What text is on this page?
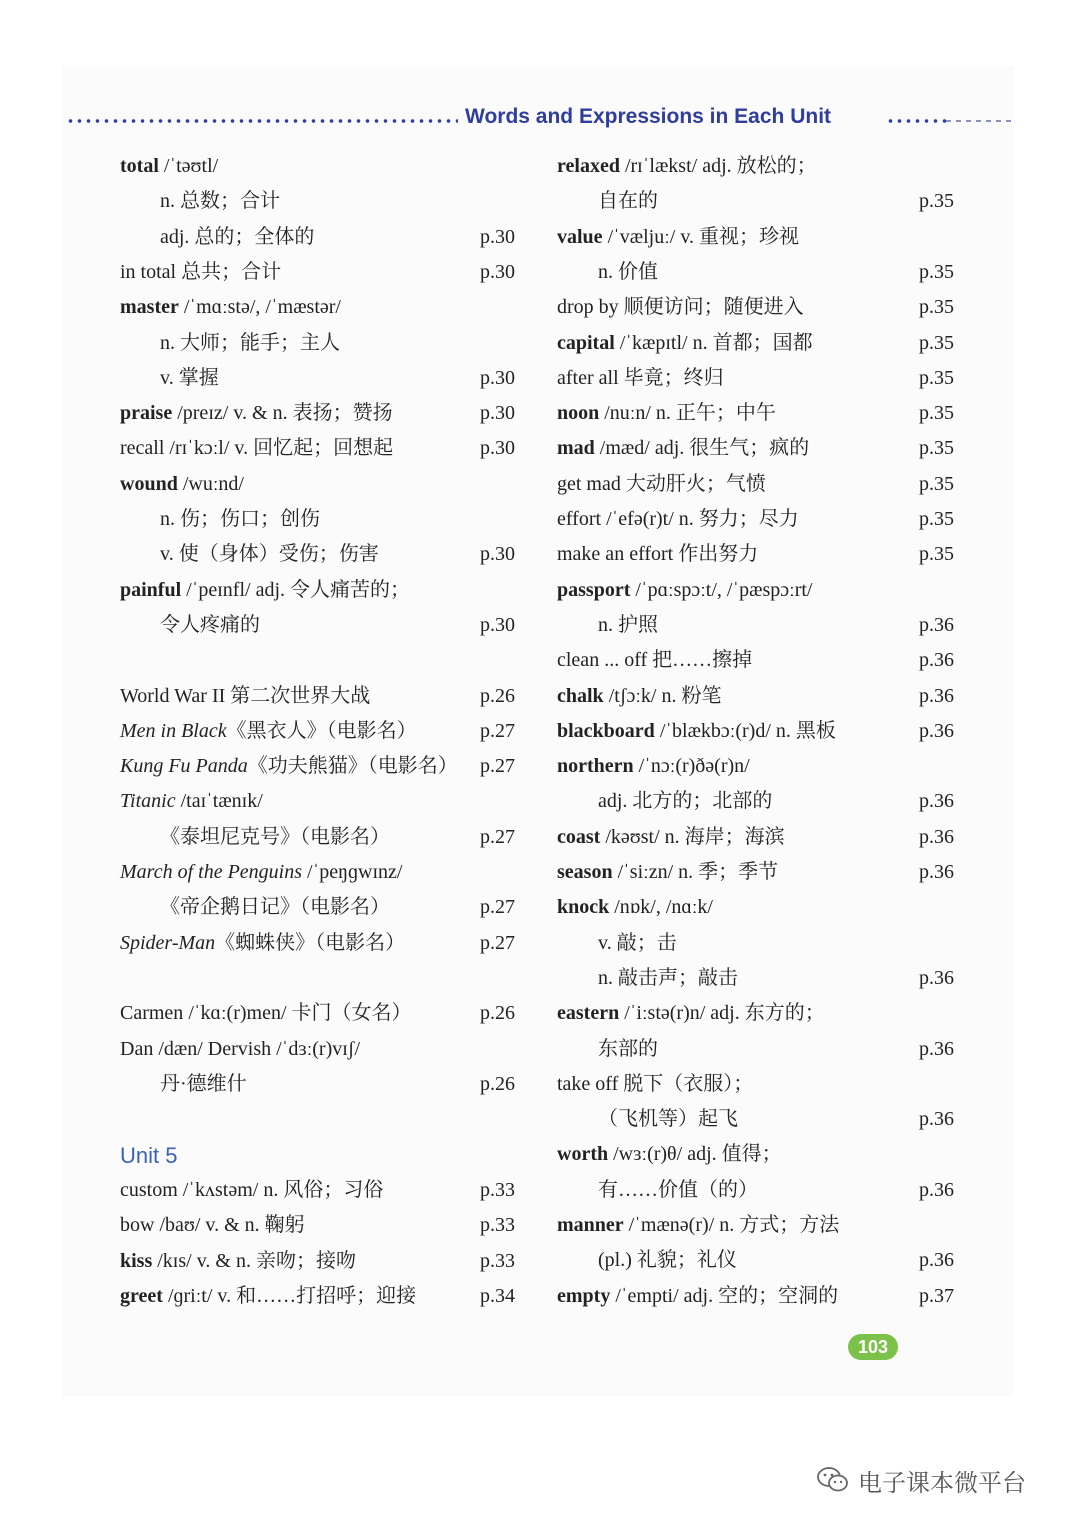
Words and Expressions in Each Unit
total /ˈtəʊtl/
n. 总数；合计
adj. 总的；全体的	p.30
in total 总共；合计	p.30
master /ˈmɑːstə/, /ˈmæstər/
n. 大师；能手；主人
v. 掌握	p.30
praise /preɪz/ v. & n. 表扬；赞扬	p.30
recall /rɪˈkɔːl/ v. 回忆起；回想起	p.30
wound /wuːnd/
n. 伤；伤口；创伤
v. 使（身体）受伤；伤害	p.30
painful /ˈpeɪnfl/ adj. 令人痛苦的；
令人疼痛的	p.30
World War II 第二次世界大战	p.26
Men in Black《黑衣人》（电影名）	p.27
Kung Fu Panda《功夫熊猫》（电影名） p.27
Titanic /taɪˈtænɪk/
《泰坦尼克号》（电影名）	p.27
March of the Penguins /ˈpeŋɡwɪnz/
《帝企鹅日记》（电影名）	p.27
Spider-Man《蜘蛛侠》（电影名）	p.27
Carmen /ˈkɑː(r)men/ 卡门（女名）	p.26
Dan /dæn/ Dervish /ˈdɜː(r)vɪʃ/
丹·德维什	p.26
Unit 5
custom /ˈkʌstəm/ n. 风俗；习俗	p.33
bow /baʊ/ v. & n. 鞠躬	p.33
kiss /kɪs/ v. & n. 亲吻；接吻	p.33
greet /ɡriːt/ v. 和……打招呼；迎接	p.34
relaxed /rɪˈlækst/ adj. 放松的；
自在的	p.35
value /ˈvæljuː/ v. 重视；珍视
n. 价值	p.35
drop by 顺便访问；随便进入	p.35
capital /ˈkæpɪtl/ n. 首都；国都	p.35
after all 毕竟；终归	p.35
noon /nuːn/ n. 正午；中午	p.35
mad /mæd/ adj. 很生气；疯的	p.35
get mad 大动肝火；气愤	p.35
effort /ˈefə(r)t/ n. 努力；尽力	p.35
make an effort 作出努力	p.35
passport /ˈpɑːspɔːt/, /ˈpæspɔːrt/
n. 护照	p.36
clean ... off 把……擦掉	p.36
chalk /tʃɔːk/ n. 粉笔	p.36
blackboard /ˈblækbɔː(r)d/ n. 黑板	p.36
northern /ˈnɔː(r)ðə(r)n/
adj. 北方的；北部的	p.36
coast /kəʊst/ n. 海岸；海滨	p.36
season /ˈsiːzn/ n. 季；季节	p.36
knock /nɒk/, /nɑːk/
v. 敲；击
n. 敲击声；敲击	p.36
eastern /ˈiːstə(r)n/ adj. 东方的；
东部的	p.36
take off 脱下（衣服）；
（飞机等）起飞	p.36
worth /wɜː(r)θ/ adj. 值得；
有……价值（的）	p.36
manner /ˈmænə(r)/ n. 方式；方法
(pl.) 礼貌；礼仪	p.36
empty /ˈempti/ adj. 空的；空洞的	p.37
103
电子课本微平台
